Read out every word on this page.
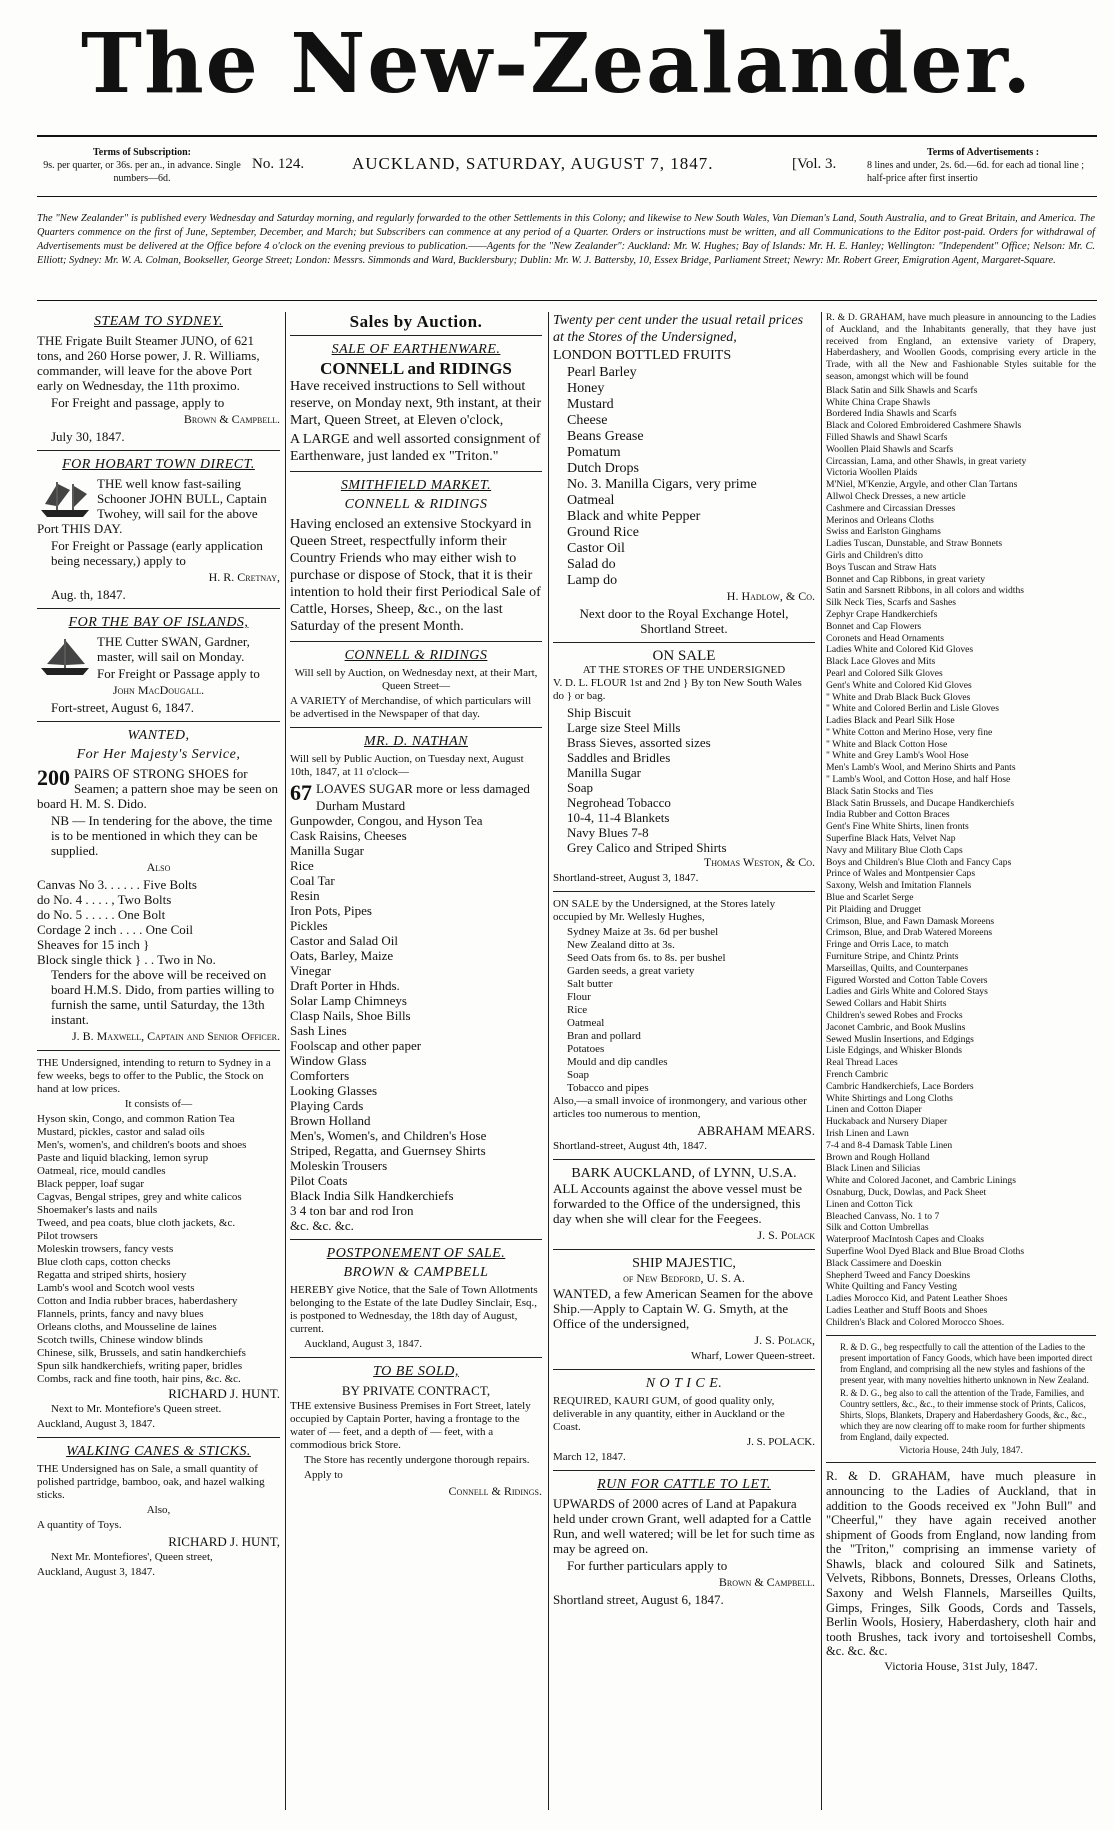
The New-Zealander.
Terms of Subscription:
9s. per quarter, or 36s. per an., in advance. Single numbers—6d.
No. 124.	AUCKLAND, SATURDAY, AUGUST 7, 1847.	[Vol. 3.
Terms of Advertisements :
8 lines and under, 2s. 6d.—6d. for each ad tional line ; half-price after first insertio
The "New Zealander" is published every Wednesday and Saturday morning, and regularly forwarded to the other Settlements in this Colony; and likewise to New South Wales, Van Dieman's Land, South Australia, and to Great Britain, and America. The Quarters commence on the first of June, September, December, and March; but Subscribers can commence at any period of a Quarter. Orders or instructions must be written, and all Communications to the Editor post-paid. Orders for withdrawal of Advertisements must be delivered at the Office before 4 o'clock on the evening previous to publication.——Agents for the "New Zealander": Auckland: Mr. W. Hughes; Bay of Islands: Mr. H. E. Hanley; Wellington: "Independent" Office; Nelson: Mr. C. Elliott; Sydney: Mr. W. A. Colman, Bookseller, George Street; London: Messrs. Simmonds and Ward, Bucklersbury; Dublin: Mr. W. J. Battersby, 10, Essex Bridge, Parliament Street; Newry: Mr. Robert Greer, Emigration Agent, Margaret-Square.
STEAM TO SYDNEY.

THE Frigate Built Steamer JUNO, of 621 tons, and 260 Horse power, J. R. Williams, commander, will leave for the above Port early on Wednesday, the 11th proximo.

For Freight and passage, apply to

Brown & Campbell.

July 30, 1847.

FOR HOBART TOWN DIRECT.

THE well know fast-sailing Schooner JOHN BULL, Captain Twohey, will sail for the above Port THIS DAY.

For Freight or Passage (early application being necessary,) apply to

H. R. Cretnay,

Aug. th, 1847.

FOR THE BAY OF ISLANDS,

THE Cutter SWAN, Gardner, master, will sail on Monday.

For Freight or Passage apply to

John MacDougall.

Fort-street, August 6, 1847.

WANTED,
For Her Majesty's Service,

200 PAIRS OF STRONG SHOES for Seamen; a pattern shoe may be seen on board H. M. S. Dido.

NB — In tendering for the above, the time is to be mentioned in which they can be supplied.

Also

Canvas No 3. . . . . . Five Bolts

do No. 4 . . . . , Two Bolts

do No. 5 . . . . . One Bolt

Cordage 2 inch . . . . One Coil

Sheaves for 15 inch }

Block single thick } . . Two in No.

Tenders for the above will be received on board H.M.S. Dido, from parties willing to furnish the same, until Saturday, the 13th instant.

J. B. Maxwell, Captain and Senior Officer.

THE Undersigned, intending to return to Sydney in a few weeks, begs to offer to the Public, the Stock on hand at low prices.

It consists of—

Hyson skin, Congo, and common Ration Tea

Mustard, pickles, castor and salad oils

Men's, women's, and children's boots and shoes

Paste and liquid blacking, lemon syrup

Oatmeal, rice, mould candles

Black pepper, loaf sugar

Cagvas, Bengal stripes, grey and white calicos

Shoemaker's lasts and nails

Tweed, and pea coats, blue cloth jackets, &c.

Pilot trowsers

Moleskin trowsers, fancy vests

Blue cloth caps, cotton checks

Regatta and striped shirts, hosiery

Lamb's wool and Scotch wool vests

Cotton and India rubber braces, haberdashery

Flannels, prints, fancy and navy blues

Orleans cloths, and Mousseline de laines

Scotch twills, Chinese window blinds

Chinese, silk, Brussels, and satin handkerchiefs

Spun silk handkerchiefs, writing paper, bridles

Combs, rack and fine tooth, hair pins, &c. &c.

RICHARD J. HUNT.

Next to Mr. Montefiore's Queen street.

Auckland, August 3, 1847.

WALKING CANES & STICKS.

THE Undersigned has on Sale, a small quantity of polished partridge, bamboo, oak, and hazel walking sticks.

Also,

A quantity of Toys.

RICHARD J. HUNT,

Next Mr. Montefiores', Queen street,

Auckland, August 3, 1847.

Sales by Auction.
SALE OF EARTHENWARE.

CONNELL and RIDINGS

Have received instructions to Sell without reserve, on Monday next, 9th instant, at their Mart, Queen Street, at Eleven o'clock,

A LARGE and well assorted consignment of Earthenware, just landed ex "Triton."

SMITHFIELD MARKET.
CONNELL & RIDINGS

Having enclosed an extensive Stockyard in Queen Street, respectfully inform their Country Friends who may either wish to purchase or dispose of Stock, that it is their intention to hold their first Periodical Sale of Cattle, Horses, Sheep, &c., on the last Saturday of the present Month.

CONNELL & RIDINGS

Will sell by Auction, on Wednesday next, at their Mart, Queen Street—

A VARIETY of Merchandise, of which particulars will be advertised in the Newspaper of that day.

MR. D. NATHAN

Will sell by Public Auction, on Tuesday next, August 10th, 1847, at 11 o'clock—

67 LOAVES SUGAR more or less damaged

Durham Mustard

Gunpowder, Congou, and Hyson Tea

Cask Raisins, Cheeses

Manilla Sugar

Rice

Coal Tar

Resin

Iron Pots, Pipes

Pickles

Castor and Salad Oil

Oats, Barley, Maize

Vinegar

Draft Porter in Hhds.

Solar Lamp Chimneys

Clasp Nails, Shoe Bills

Sash Lines

Foolscap and other paper

Window Glass

Comforters

Looking Glasses

Playing Cards

Brown Holland

Men's, Women's, and Children's Hose

Striped, Regatta, and Guernsey Shirts

Moleskin Trousers

Pilot Coats

Black India Silk Handkerchiefs

3 4 ton bar and rod Iron

&c. &c. &c.

POSTPONEMENT OF SALE.
BROWN & CAMPBELL

HEREBY give Notice, that the Sale of Town Allotments belonging to the Estate of the late Dudley Sinclair, Esq., is postponed to Wednesday, the 18th day of August, current.

Auckland, August 3, 1847.

TO BE SOLD,

BY PRIVATE CONTRACT,

THE extensive Business Premises in Fort Street, lately occupied by Captain Porter, having a frontage to the water of — feet, and a depth of — feet, with a commodious brick Store.

The Store has recently undergone thorough repairs.

Apply to

Connell & Ridings.

Twenty per cent under the usual retail prices at the Stores of the Undersigned,

LONDON BOTTLED FRUITS

Pearl Barley

Honey

Mustard

Cheese

Beans Grease

Pomatum

Dutch Drops

No. 3. Manilla Cigars, very prime

Oatmeal

Black and white Pepper

Ground Rice

Castor Oil

Salad do

Lamp do

H. Hadlow, & Co.

Next door to the Royal Exchange Hotel, Shortland Street.

ON SALE
AT THE STORES OF THE UNDERSIGNED

V. D. L. FLOUR 1st and 2nd } By ton New South Wales do } or bag.

Ship Biscuit

Large size Steel Mills

Brass Sieves, assorted sizes

Saddles and Bridles

Manilla Sugar

Soap

Negrohead Tobacco

10-4, 11-4 Blankets

Navy Blues 7-8

Grey Calico and Striped Shirts

Thomas Weston, & Co.

Shortland-street, August 3, 1847.

ON SALE by the Undersigned, at the Stores lately occupied by Mr. Wellesly Hughes,

Sydney Maize at 3s. 6d per bushel

New Zealand ditto at 3s.

Seed Oats from 6s. to 8s. per bushel

Garden seeds, a great variety

Salt butter

Flour

Rice

Oatmeal

Bran and pollard

Potatoes

Mould and dip candles

Soap

Tobacco and pipes

Also,—a small invoice of ironmongery, and various other articles too numerous to mention,

ABRAHAM MEARS.

Shortland-street, August 4th, 1847.

BARK AUCKLAND, of LYNN, U.S.A.

ALL Accounts against the above vessel must be forwarded to the Office of the undersigned, this day when she will clear for the Feegees.

J. S. Polack

SHIP MAJESTIC,
of New Bedford, U. S. A.

WANTED, a few American Seamen for the above Ship.—Apply to Captain W. G. Smyth, at the Office of the undersigned,

J. S. Polack,

Wharf, Lower Queen-street.

N O T I C E.

REQUIRED, KAURI GUM, of good quality only, deliverable in any quantity, either in Auckland or the Coast.

J. S. POLACK.

March 12, 1847.

RUN FOR CATTLE TO LET.

UPWARDS of 2000 acres of Land at Papakura held under crown Grant, well adapted for a Cattle Run, and well watered; will be let for such time as may be agreed on.

For further particulars apply to

Brown & Campbell.

Shortland street, August 6, 1847.

R. & D. GRAHAM, have much pleasure in announcing to the Ladies of Auckland, and the Inhabitants generally, that they have just received from England, an extensive variety of Drapery, Haberdashery, and Woollen Goods, comprising every article in the Trade, with all the New and Fashionable Styles suitable for the season, amongst which will be found

Black Satin and Silk Shawls and Scarfs

White China Crape Shawls

Bordered India Shawls and Scarfs

Black and Colored Embroidered Cashmere Shawls

Filled Shawls and Shawl Scarfs

Woollen Plaid Shawls and Scarfs

Circassian, Lama, and other Shawls, in great variety

Victoria Woollen Plaids

M'Niel, M'Kenzie, Argyle, and other Clan Tartans

Allwol Check Dresses, a new article

Cashmere and Circassian Dresses

Merinos and Orleans Cloths

Swiss and Earlston Ginghams

Ladies Tuscan, Dunstable, and Straw Bonnets

Girls and Children's ditto

Boys Tuscan and Straw Hats

Bonnet and Cap Ribbons, in great variety

Satin and Sarsnett Ribbons, in all colors and widths

Silk Neck Ties, Scarfs and Sashes

Zephyr Crape Handkerchiefs

Bonnet and Cap Flowers

Coronets and Head Ornaments

Ladies White and Colored Kid Gloves

Black Lace Gloves and Mits

Pearl and Colored Silk Gloves

Gent's White and Colored Kid Gloves

" White and Drab Black Buck Gloves

" White and Colored Berlin and Lisle Gloves

Ladies Black and Pearl Silk Hose

" White Cotton and Merino Hose, very fine

" White and Black Cotton Hose

" White and Grey Lamb's Wool Hose

Men's Lamb's Wool, and Merino Shirts and Pants

" Lamb's Wool, and Cotton Hose, and half Hose

Black Satin Stocks and Ties

Black Satin Brussels, and Ducape Handkerchiefs

India Rubber and Cotton Braces

Gent's Fine White Shirts, linen fronts

Superfine Black Hats, Velvet Nap

Navy and Military Blue Cloth Caps

Boys and Children's Blue Cloth and Fancy Caps

Prince of Wales and Montpensier Caps

Saxony, Welsh and Imitation Flannels

Blue and Scarlet Serge

Pit Plaiding and Drugget

Crimson, Blue, and Fawn Damask Moreens

Crimson, Blue, and Drab Watered Moreens

Fringe and Orris Lace, to match

Furniture Stripe, and Chintz Prints

Marseillas, Quilts, and Counterpanes

Figured Worsted and Cotton Table Covers

Ladies and Girls White and Colored Stays

Sewed Collars and Habit Shirts

Children's sewed Robes and Frocks

Jaconet Cambric, and Book Muslins

Sewed Muslin Insertions, and Edgings

Lisle Edgings, and Whisker Blonds

Real Thread Laces

French Cambric

Cambric Handkerchiefs, Lace Borders

White Shirtings and Long Cloths

Linen and Cotton Diaper

Huckaback and Nursery Diaper

Irish Linen and Lawn

7-4 and 8-4 Damask Table Linen

Brown and Rough Holland

Black Linen and Silicias

White and Colored Jaconet, and Cambric Linings

Osnaburg, Duck, Dowlas, and Pack Sheet

Linen and Cotton Tick

Bleached Canvass, No. 1 to 7

Silk and Cotton Umbrellas

Waterproof MacIntosh Capes and Cloaks

Superfine Wool Dyed Black and Blue Broad Cloths

Black Cassimere and Doeskin

Shepherd Tweed and Fancy Doeskins

White Quilting and Fancy Vesting

Ladies Morocco Kid, and Patent Leather Shoes

Ladies Leather and Stuff Boots and Shoes

Children's Black and Colored Morocco Shoes.

R. & D. G., beg respectfully to call the attention of the Ladies to the present importation of Fancy Goods, which have been imported direct from England, and comprising all the new styles and fashions of the present year, with many novelties hitherto unknown in New Zealand.

R. & D. G., beg also to call the attention of the Trade, Families, and Country settlers, &c., &c., to their immense stock of Prints, Calicos, Shirts, Slops, Blankets, Drapery and Haberdashery Goods, &c., &c., which they are now clearing off to make room for further shipments from England, daily expected.

Victoria House, 24th July, 1847.

R. & D. GRAHAM, have much pleasure in announcing to the Ladies of Auckland, that in addition to the Goods received ex "John Bull" and "Cheerful," they have again received another shipment of Goods from England, now landing from the "Triton," comprising an immense variety of Shawls, black and coloured Silk and Satinets, Velvets, Ribbons, Bonnets, Dresses, Orleans Cloths, Saxony and Welsh Flannels, Marseilles Quilts, Gimps, Fringes, Silk Goods, Cords and Tassels, Berlin Wools, Hosiery, Haberdashery, cloth hair and tooth Brushes, tack ivory and tortoiseshell Combs, &c. &c. &c.

Victoria House, 31st July, 1847.
